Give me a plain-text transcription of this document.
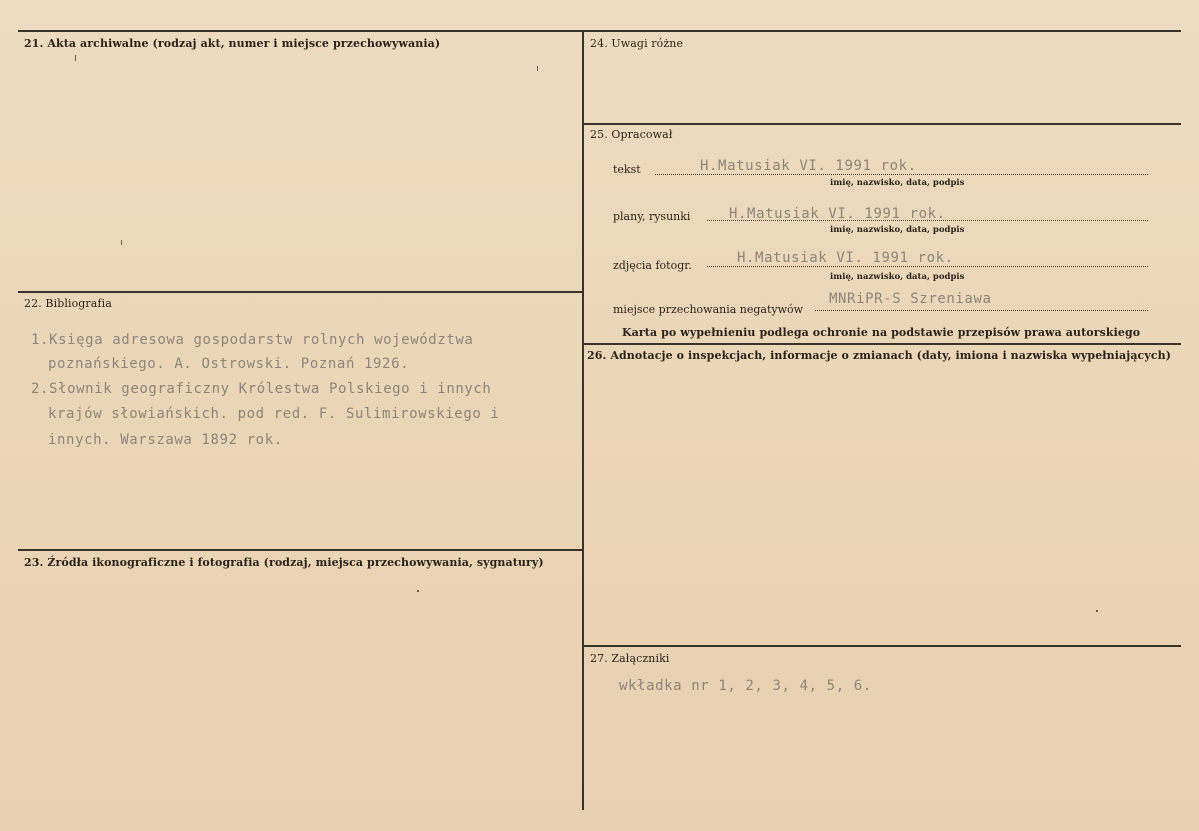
21. Akta archiwalne (rodzaj akt, numer i miejsce przechowywania)
22. Bibliografia
1.Księga adresowa gospodarstw rolnych województwa
poznańskiego. A. Ostrowski. Poznań 1926.
2.Słownik geograficzny Królestwa Polskiego i innych
krajów słowiańskich. pod red. F. Sulimirowskiego i
innych. Warszawa 1892 rok.
23. Źródła ikonograficzne i fotografia (rodzaj, miejsca przechowywania, sygnatury)
24. Uwagi różne
25. Opracował
tekst	H.Matusiak VI. 1991 rok.
imię, nazwisko, data, podpis
plany, rysunki	H.Matusiak VI. 1991 rok.
imię, nazwisko, data, podpis
zdjęcia fotogr.	H.Matusiak VI. 1991 rok.
imię, nazwisko, data, podpis
miejsce przechowania negatywów
MNRiPR-S Szreniawa
Karta po wypełnieniu podlega ochronie na podstawie przepisów prawa autorskiego
26. Adnotacje o inspekcjach, informacje o zmianach (daty, imiona i nazwiska wypełniających)
27. Załączniki
wkładka nr 1, 2, 3, 4, 5, 6.
